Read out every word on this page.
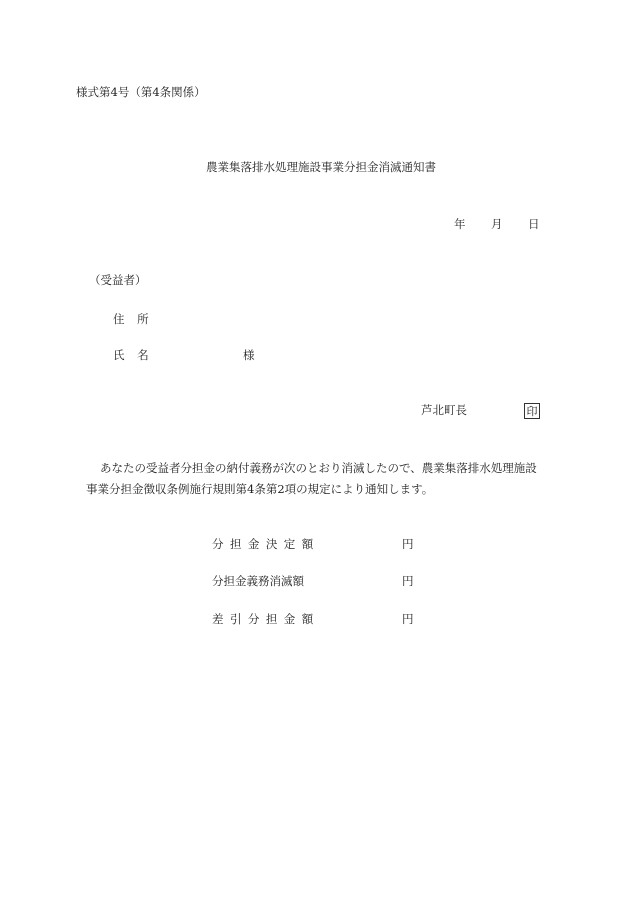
様式第4号（第4条関係）
農業集落排水処理施設事業分担金消滅通知書
年 月 日
（受益者）
住所
氏名	様
芦北町長	印
あなたの受益者分担金の納付義務が次のとおり消滅したので、農業集落排水処理施設
事業分担金徴収条例施行規則第4条第2項の規定により通知します。
分担金決定額	円
分担金義務消滅額	円
差引分担金額	円
